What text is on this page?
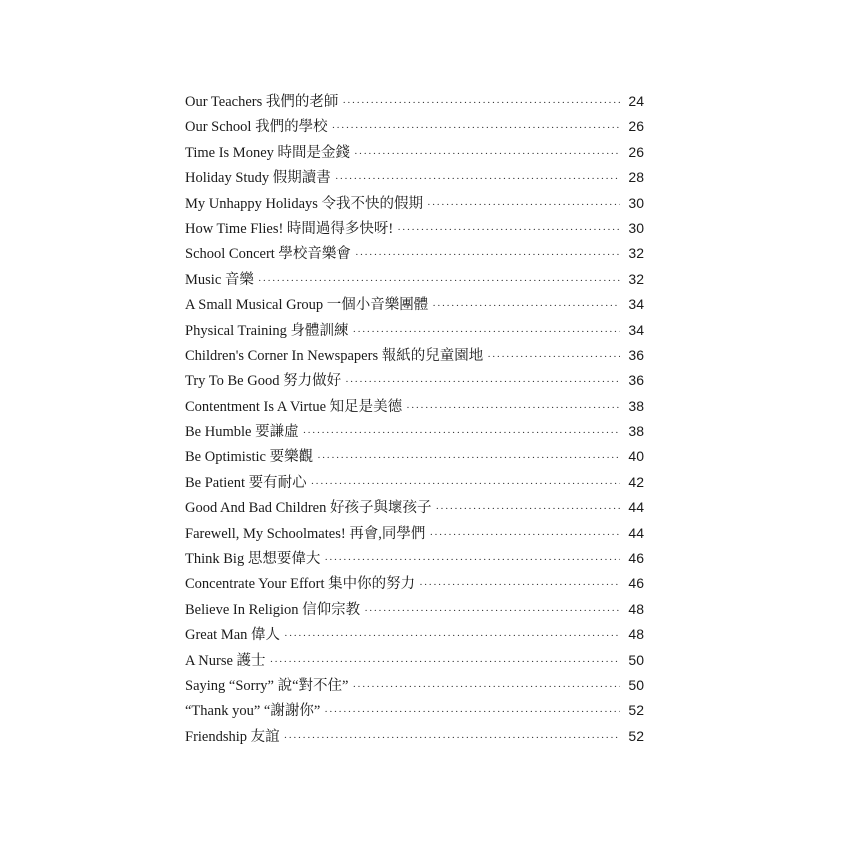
Our Teachers 我們的老師 ·····	24
Our School 我們的學校 ·····	26
Time Is Money 時間是金錢 ·····	26
Holiday Study 假期讀書 ·····	28
My Unhappy Holidays 令我不快的假期 ·····	30
How Time Flies! 時間過得多快呀! ·····	30
School Concert 學校音樂會 ·····	32
Music 音樂 ·····	32
A Small Musical Group 一個小音樂團體 ·····	34
Physical Training 身體訓練 ·····	34
Children's Corner In Newspapers 報紙的兒童園地 ·····	36
Try To Be Good 努力做好 ·····	36
Contentment Is A Virtue 知足是美德 ·····	38
Be Humble 要謙虛 ·····	38
Be Optimistic 要樂觀 ·····	40
Be Patient 要有耐心 ·····	42
Good And Bad Children 好孩子與壞孩子 ·····	44
Farewell, My Schoolmates! 再會,同學們 ·····	44
Think Big 思想要偉大 ·····	46
Concentrate Your Effort 集中你的努力 ·····	46
Believe In Religion 信仰宗教 ·····	48
Great Man 偉人 ·····	48
A Nurse 護士 ·····	50
Saying “Sorry” 說“對不住” ·····	50
“Thank you” “謝謝你” ·····	52
Friendship 友誼 ·····	52
